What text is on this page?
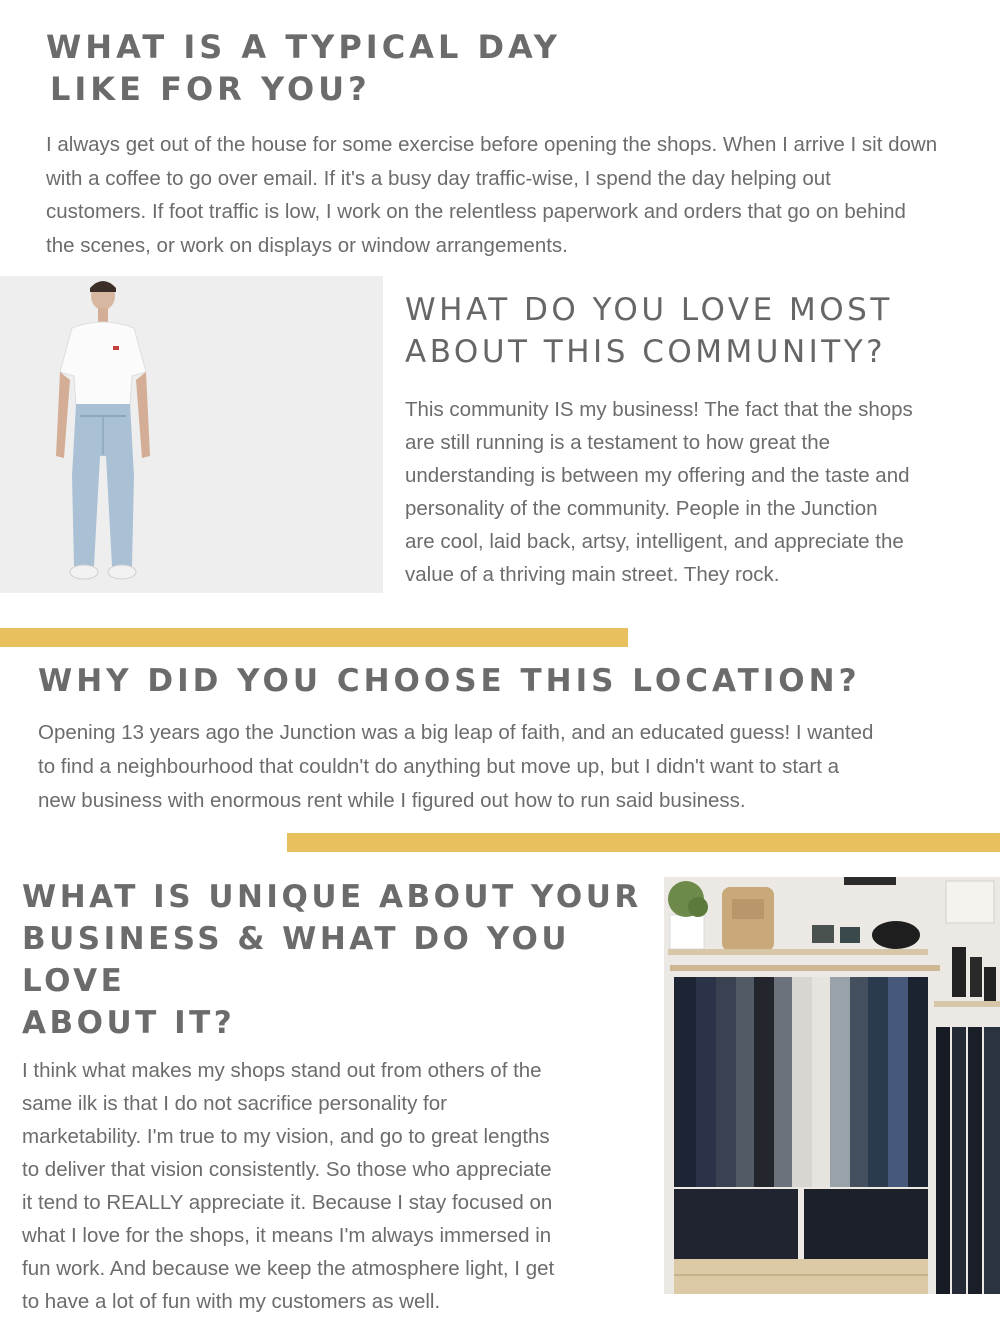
WHAT IS A TYPICAL DAY
LIKE FOR YOU?
I always get out of the house for some exercise before opening the shops. When I arrive I sit down
with a coffee to go over email. If it's a busy day traffic-wise, I spend the day helping out
customers. If foot traffic is low, I work on the relentless paperwork and orders that go on behind
the scenes, or work on displays or window arrangements.
WHAT DO YOU LOVE MOST
ABOUT THIS COMMUNITY?
This community IS my business! The fact that the shops
are still running is a testament to how great the
understanding is between my offering and the taste and
personality of the community. People in the Junction
are cool, laid back, artsy, intelligent, and appreciate the
value of a thriving main street. They rock.
WHY DID YOU CHOOSE THIS LOCATION?
Opening 13 years ago the Junction was a big leap of faith, and an educated guess! I wanted
to find a neighbourhood that couldn't do anything but move up, but I didn't want to start a
new business with enormous rent while I figured out how to run said business.
WHAT IS UNIQUE ABOUT YOUR
BUSINESS & WHAT DO YOU LOVE
ABOUT IT?
I think what makes my shops stand out from others of the
same ilk is that I do not sacrifice personality for
marketability. I'm true to my vision, and go to great lengths
to deliver that vision consistently. So those who appreciate
it tend to REALLY appreciate it. Because I stay focused on
what I love for the shops, it means I'm always immersed in
fun work. And because we keep the atmosphere light, I get
to have a lot of fun with my customers as well.
